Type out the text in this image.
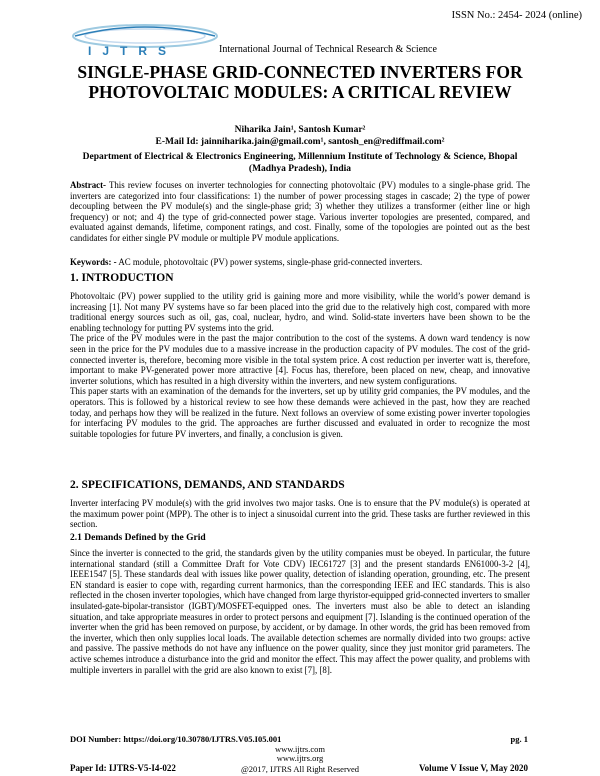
ISSN No.: 2454- 2024 (online)
IJTRS	International Journal of Technical Research & Science
SINGLE-PHASE GRID-CONNECTED INVERTERS FOR PHOTOVOLTAIC MODULES: A CRITICAL REVIEW
Niharika Jain¹, Santosh Kumar²
E-Mail Id: jainniharika.jain@gmail.com¹, santosh_en@rediffmail.com²
Department of Electrical & Electronics Engineering, Millennium Institute of Technology & Science, Bhopal (Madhya Pradesh), India
Abstract- This review focuses on inverter technologies for connecting photovoltaic (PV) modules to a single-phase grid. The inverters are categorized into four classifications: 1) the number of power processing stages in cascade; 2) the type of power decoupling between the PV module(s) and the single-phase grid; 3) whether they utilizes a transformer (either line or high frequency) or not; and 4) the type of grid-connected power stage. Various inverter topologies are presented, compared, and evaluated against demands, lifetime, component ratings, and cost. Finally, some of the topologies are pointed out as the best candidates for either single PV module or multiple PV module applications.
Keywords: - AC module, photovoltaic (PV) power systems, single-phase grid-connected inverters.
1. INTRODUCTION
Photovoltaic (PV) power supplied to the utility grid is gaining more and more visibility, while the world’s power demand is increasing [1]. Not many PV systems have so far been placed into the grid due to the relatively high cost, compared with more traditional energy sources such as oil, gas, coal, nuclear, hydro, and wind. Solid-state inverters have been shown to be the enabling technology for putting PV systems into the grid.
The price of the PV modules were in the past the major contribution to the cost of the systems. A down ward tendency is now seen in the price for the PV modules due to a massive increase in the production capacity of PV modules. The cost of the grid-connected inverter is, therefore, becoming more visible in the total system price. A cost reduction per inverter watt is, therefore, important to make PV-generated power more attractive [4]. Focus has, therefore, been placed on new, cheap, and innovative inverter solutions, which has resulted in a high diversity within the inverters, and new system configurations.
This paper starts with an examination of the demands for the inverters, set up by utility grid companies, the PV modules, and the operators. This is followed by a historical review to see how these demands were achieved in the past, how they are reached today, and perhaps how they will be realized in the future. Next follows an overview of some existing power inverter topologies for interfacing PV modules to the grid. The approaches are further discussed and evaluated in order to recognize the most suitable topologies for future PV inverters, and finally, a conclusion is given.
2. SPECIFICATIONS, DEMANDS, AND STANDARDS
Inverter interfacing PV module(s) with the grid involves two major tasks. One is to ensure that the PV module(s) is operated at the maximum power point (MPP). The other is to inject a sinusoidal current into the grid. These tasks are further reviewed in this section.
2.1 Demands Defined by the Grid
Since the inverter is connected to the grid, the standards given by the utility companies must be obeyed. In particular, the future international standard (still a Committee Draft for Vote CDV) IEC61727 [3] and the present standards EN61000-3-2 [4], IEEE1547 [5]. These standards deal with issues like power quality, detection of islanding operation, grounding, etc. The present EN standard is easier to cope with, regarding current harmonics, than the corresponding IEEE and IEC standards. This is also reflected in the chosen inverter topologies, which have changed from large thyristor-equipped grid-connected inverters to smaller insulated-gate-bipolar-transistor (IGBT)/MOSFET-equipped ones. The inverters must also be able to detect an islanding situation, and take appropriate measures in order to protect persons and equipment [7]. Islanding is the continued operation of the inverter when the grid has been removed on purpose, by accident, or by damage. In other words, the grid has been removed from the inverter, which then only supplies local loads. The available detection schemes are normally divided into two groups: active and passive. The passive methods do not have any influence on the power quality, since they just monitor grid parameters. The active schemes introduce a disturbance into the grid and monitor the effect. This may affect the power quality, and problems with multiple inverters in parallel with the grid are also known to exist [7], [8].
DOI Number: https://doi.org/10.30780/IJTRS.V05.I05.001	pg. 1
www.ijtrs.com
www.ijtrs.org
Paper Id: IJTRS-V5-I4-022	Volume V Issue V, May 2020
@2017, IJTRS All Right Reserved
